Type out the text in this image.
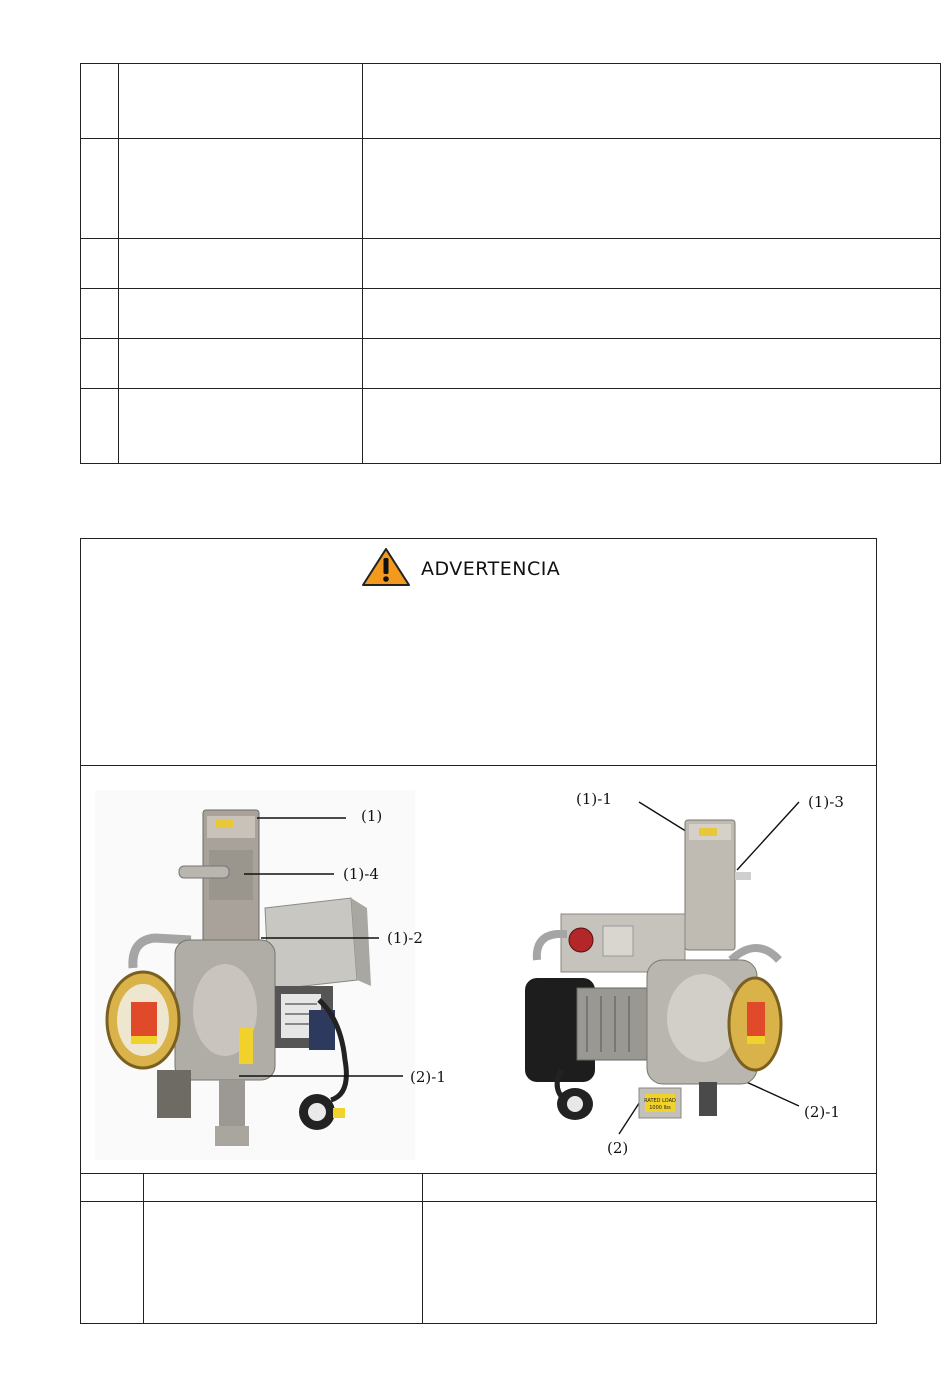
ADVERTENCIA
(1)
(1)-4
(1)-2
(2)-1
RATED LOAD
1000 lbs
(1)-1	(1)-3
(2)-1
(2)
